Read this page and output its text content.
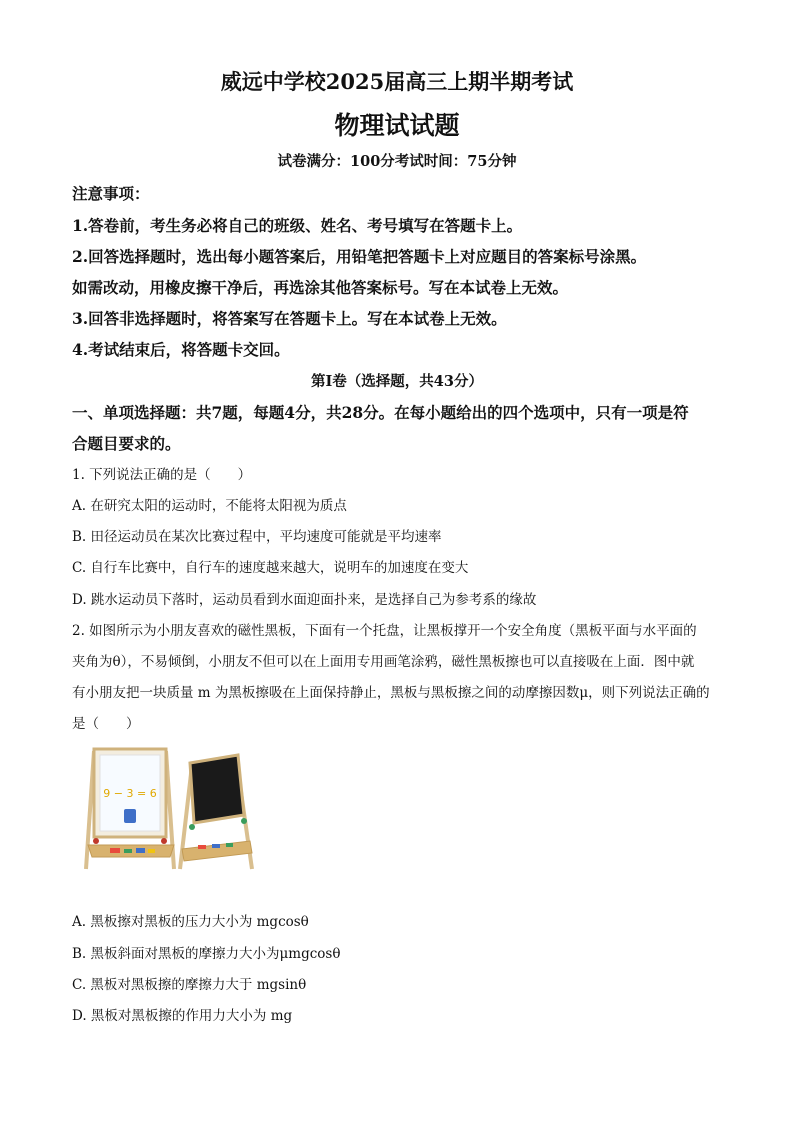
威远中学校2025届高三上期半期考试
物理试试题
试卷满分：100分考试时间：75分钟
注意事项：
1.答卷前，考生务必将自己的班级、姓名、考号填写在答题卡上。
2.回答选择题时，选出每小题答案后，用铅笔把答题卡上对应题目的答案标号涂黑。
如需改动，用橡皮擦干净后，再选涂其他答案标号。写在本试卷上无效。
3.回答非选择题时，将答案写在答题卡上。写在本试卷上无效。
4.考试结束后，将答题卡交回。
第Ⅰ卷（选择题，共43分）
一、单项选择题：共7题，每题4分，共28分。在每小题给出的四个选项中，只有一项是符
合题目要求的。
1. 下列说法正确的是（　　）
A. 在研究太阳的运动时，不能将太阳视为质点
B. 田径运动员在某次比赛过程中，平均速度可能就是平均速率
C. 自行车比赛中，自行车的速度越来越大，说明车的加速度在变大
D. 跳水运动员下落时，运动员看到水面迎面扑来，是选择自己为参考系的缘故
2. 如图所示为小朋友喜欢的磁性黑板，下面有一个托盘，让黑板撑开一个安全角度（黑板平面与水平面的
夹角为θ），不易倾倒，小朋友不但可以在上面用专用画笔涂鸦，磁性黑板擦也可以直接吸在上面．图中就
有小朋友把一块质量 m 为黑板擦吸在上面保持静止，黑板与黑板擦之间的动摩擦因数μ，则下列说法正确的
是（　　）
9 − 3 = 6
A. 黑板擦对黑板的压力大小为 mgcosθ
B. 黑板斜面对黑板的摩擦力大小为μmgcosθ
C. 黑板对黑板擦的摩擦力大于 mgsinθ
D. 黑板对黑板擦的作用力大小为 mg
